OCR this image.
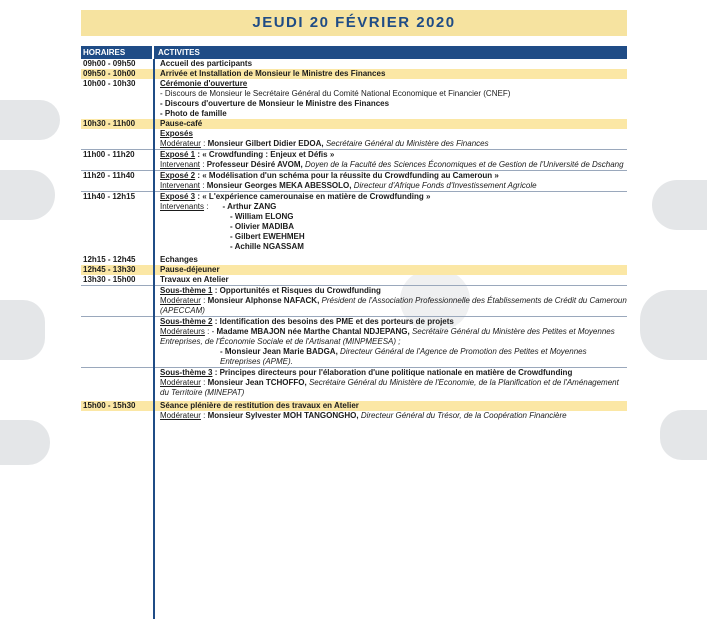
JEUDI 20 FÉVRIER 2020
HORAIRES	ACTIVITES
09h00 - 09h50	Accueil des participants
09h50 - 10h00	Arrivée et Installation de Monsieur le Ministre des Finances
10h00 - 10h30	Cérémonie d'ouverture
- Discours de Monsieur le Secrétaire Général du Comité National Economique et Financier (CNEF)
- Discours d'ouverture de Monsieur le Ministre des Finances
- Photo de famille
10h30 - 11h00	Pause-café
Exposés
Modérateur : Monsieur Gilbert Didier EDOA, Secrétaire Général du Ministère des Finances
11h00 - 11h20	Exposé 1 : « Crowdfunding : Enjeux et Défis »
Intervenant : Professeur Désiré AVOM, Doyen de la Faculté des Sciences Économiques et de Gestion de l'Université de Dschang
11h20 - 11h40	Exposé 2 : « Modélisation d'un schéma pour la réussite du Crowdfunding au Cameroun »
Intervenant : Monsieur Georges MEKA ABESSOLO, Directeur d'Afrique Fonds d'Investissement Agricole
11h40 - 12h15	Exposé 3 : « L'expérience camerounaise en matière de Crowdfunding »
Intervenants : - Arthur ZANG
- William ELONG
- Olivier MADIBA
- Gilbert EWEHMEH
- Achille NGASSAM
12h15 - 12h45	Echanges
12h45 - 13h30	Pause-déjeuner
13h30 - 15h00	Travaux en Atelier
Sous-thème 1 : Opportunités et Risques du Crowdfunding
Modérateur : Monsieur Alphonse NAFACK, Président de l'Association Professionnelle des Établissements de Crédit du Cameroun (APECCAM)
Sous-thème 2 : Identification des besoins des PME et des porteurs de projets
Modérateurs : - Madame MBAJON née Marthe Chantal NDJEPANG, Secrétaire Général du Ministère des Petites et Moyennes Entreprises, de l'Économie Sociale et de l'Artisanat (MINPMEESA) ;
- Monsieur Jean Marie BADGA, Directeur Général de l'Agence de Promotion des Petites et Moyennes Entreprises (APME).
Sous-thème 3 : Principes directeurs pour l'élaboration d'une politique nationale en matière de Crowdfunding
Modérateur : Monsieur Jean TCHOFFO, Secrétaire Général du Ministère de l'Economie, de la Planification et de l'Aménagement du Territoire (MINEPAT)
15h00 - 15h30	Séance plénière de restitution des travaux en Atelier
Modérateur : Monsieur Sylvester MOH TANGONGHO, Directeur Général du Trésor, de la Coopération Financière
